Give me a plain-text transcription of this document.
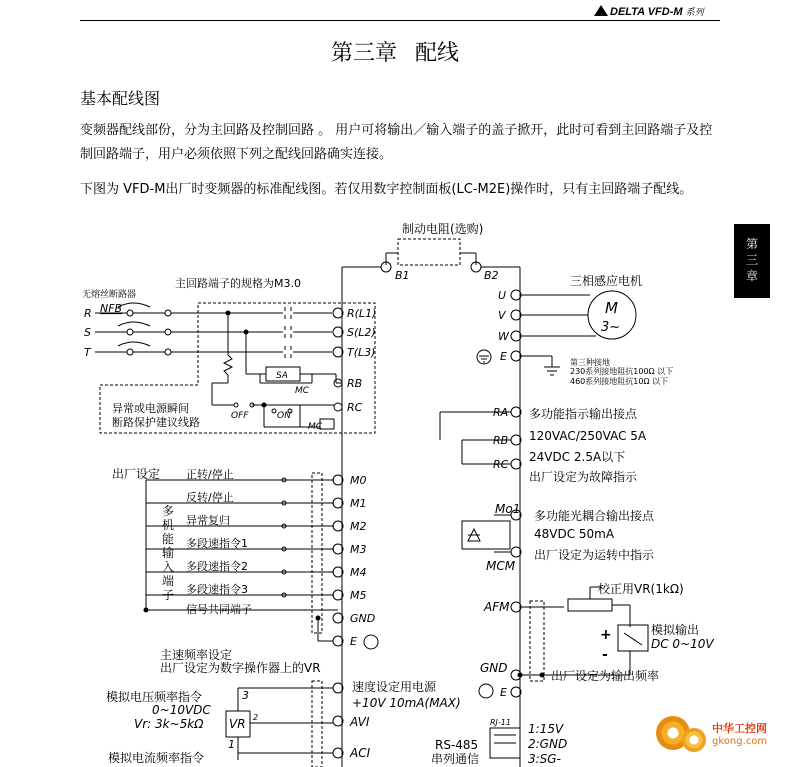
DELTA VFD-M 系列
第三章 配线
基本配线图
变频器配线部份，分为主回路及控制回路 。 用户可将输出／输入端子的盖子掀开，此时可看到主回路端子及控制回路端子，用户必须依照下列之配线回路确实连接。
下图为 VFD-M出厂时变频器的标准配线图。若仅用数字控制面板(LC-M2E)操作时，只有主回路端子配线。
第
三
章
制动电阻(选购)
B1	B2
主回路端子的规格为M3.0
无熔丝断路器
NFB
R
S
T
R(L1)
S(L2)
T(L3)
RB
RC
SA
MC
OFF	ON
MC
异常或电源瞬间
断路保护建议线路
三相感应电机
M
3~
U
V
W
E	第三种接地
230系列接地阻抗100Ω 以下
460系列接地阻抗10Ω 以下
RA
RB
RC
多功能指示输出接点
120VAC/250VAC 5A
24VDC 2.5A以下
出厂设定为故障指示
出厂设定 正转/停止
反转/停止
异常复归
多段速指令1
多段速指令2
多段速指令3
信号共同端子
M0
M1
M2
M3
M4
M5
GND
E
多
机
能
输
入
端
子
Mo1
MCM
多功能光耦合输出接点
48VDC 50mA
出厂设定为运转中指示
AFM
校正用VR(1kΩ)
+
-
模拟输出
DC 0~10V
GND
E
出厂设定为输出频率
主速频率设定
出厂设定为数字操作器上的VR
速度设定用电源
+10V 10mA(MAX)
AVI
ACI
模拟电压频率指令
0~10VDC
Vr: 3k~5kΩ VR
3
2
1
模拟电流频率指令
RJ-11
RS-485
串列通信
1:15V
2:GND
3:SG-
中华工控网
gkong.com
